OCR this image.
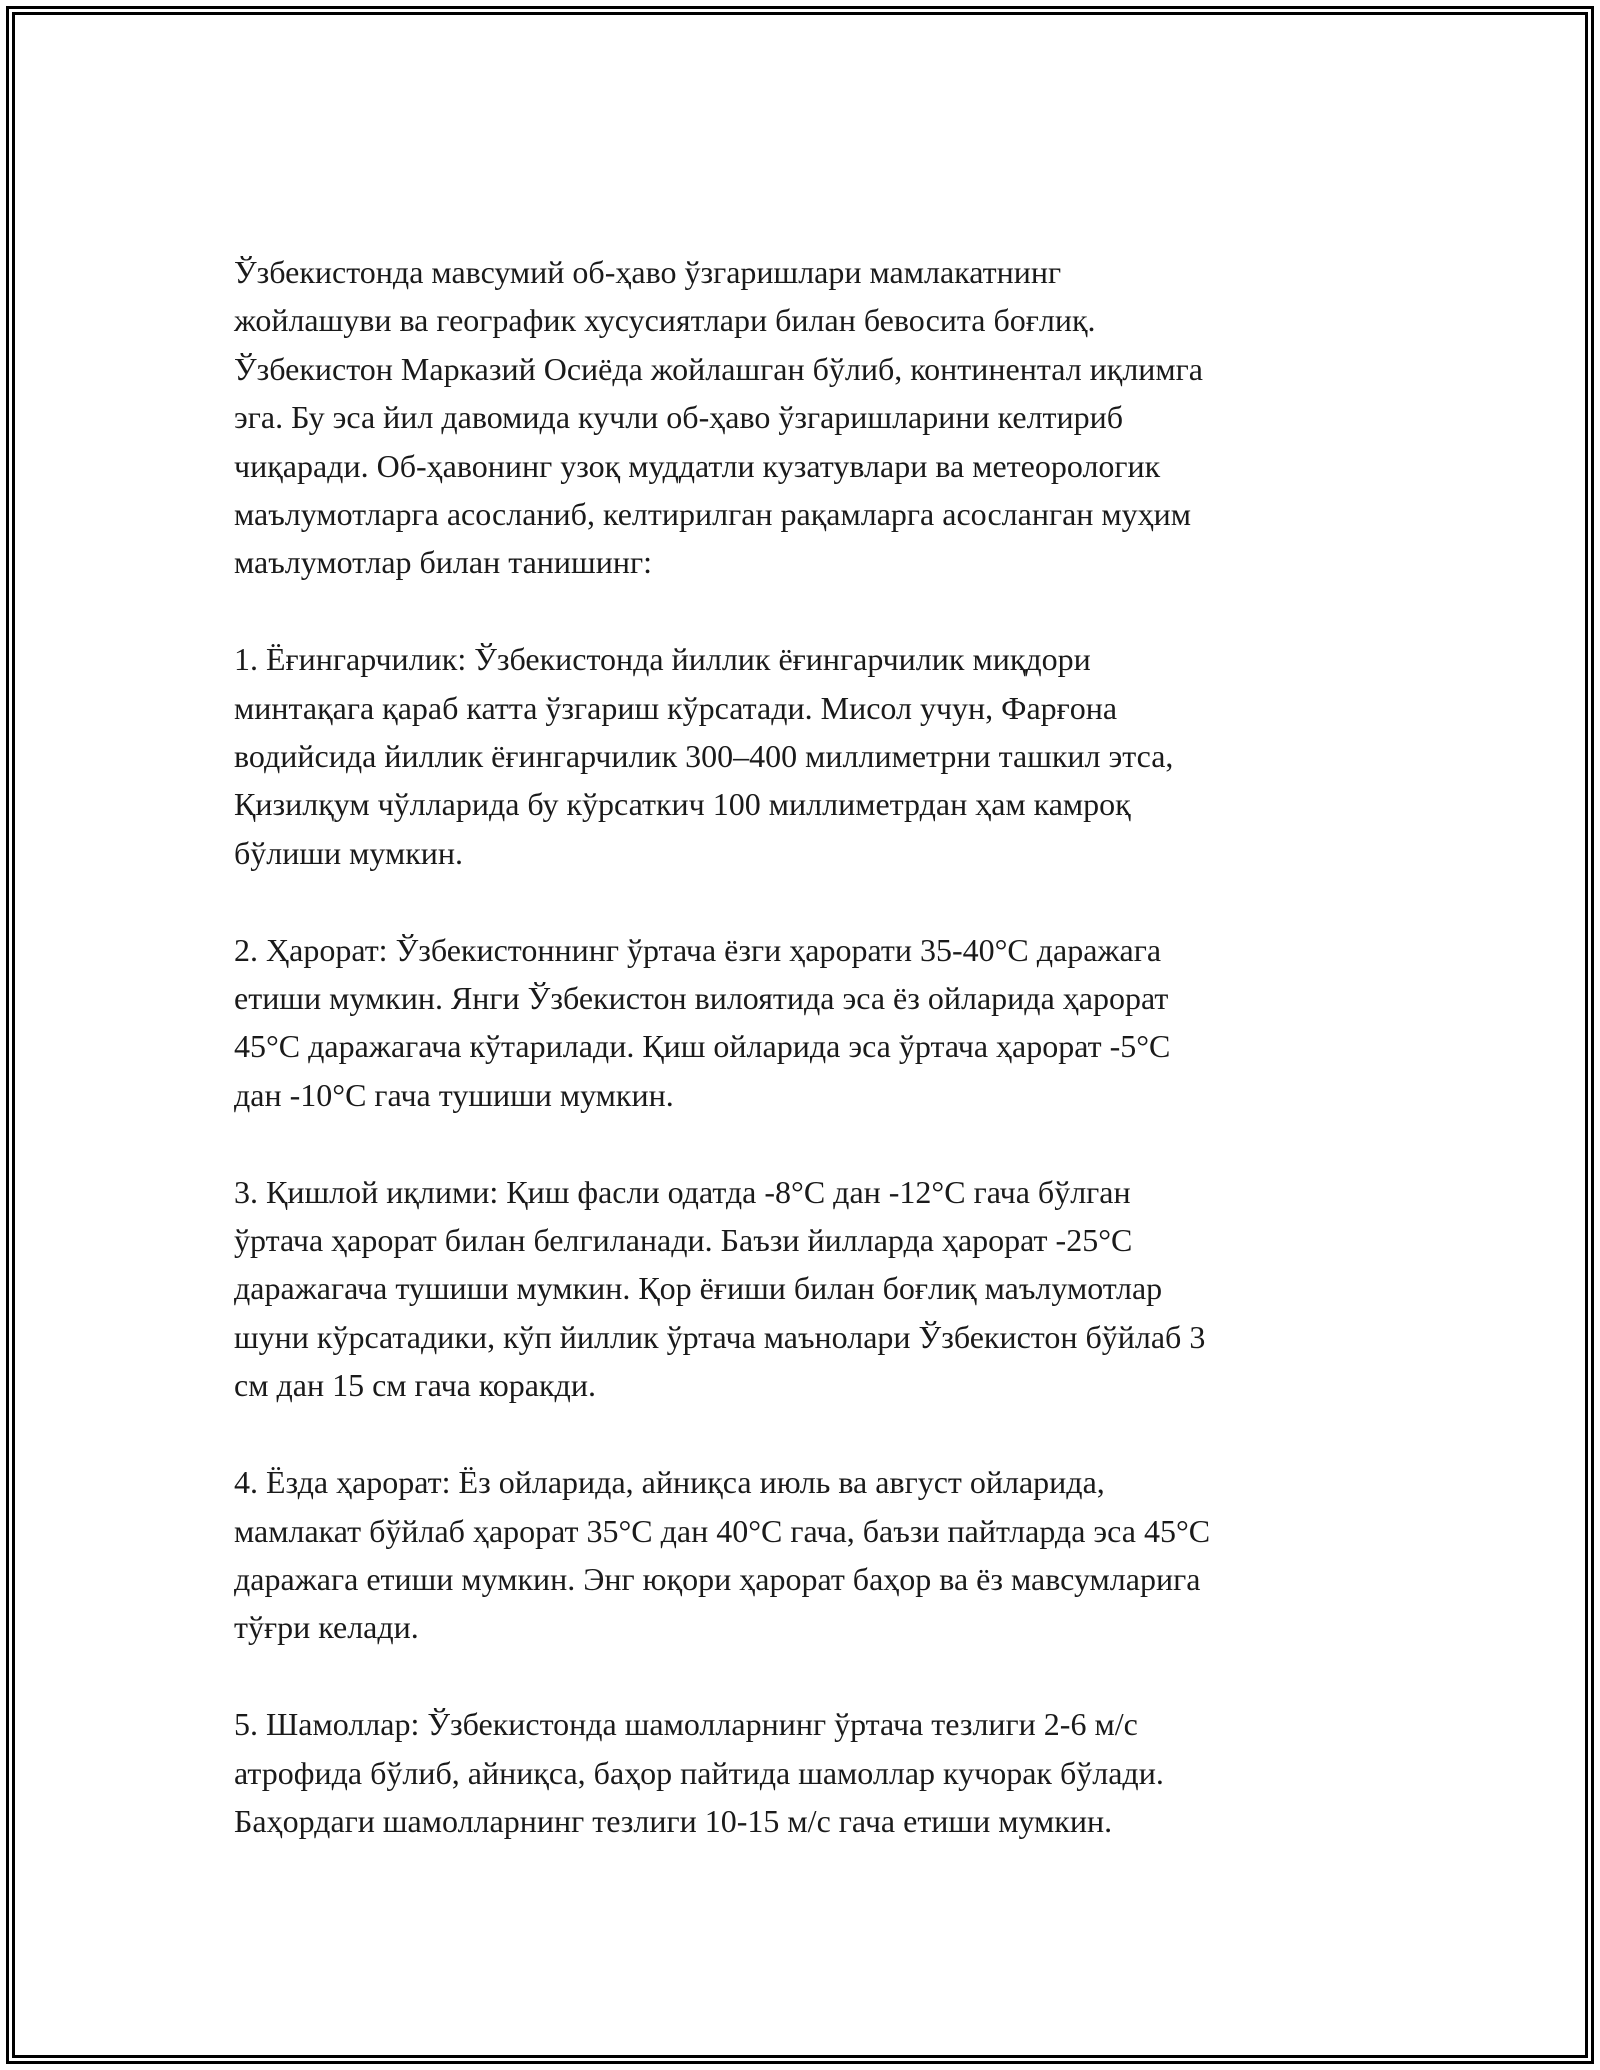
Ўзбекистонда мавсумий об-ҳаво ўзгаришлари мамлакатнинг
жойлашуви ва географик хусусиятлари билан бевосита боғлиқ.
Ўзбекистон Марказий Осиёда жойлашган бўлиб, континентал иқлимга
эга. Бу эса йил давомида кучли об-ҳаво ўзгаришларини келтириб
чиқаради. Об-ҳавонинг узоқ муддатли кузатувлари ва метеорологик
маълумотларга асосланиб, келтирилган рақамларга асосланган муҳим
маълумотлар билан танишинг:

1. Ёғингарчилик: Ўзбекистонда йиллик ёғингарчилик миқдори
минтақага қараб катта ўзгариш кўрсатади. Мисол учун, Фарғона
водийсида йиллик ёғингарчилик 300–400 миллиметрни ташкил этса,
Қизилқум чўлларида бу кўрсаткич 100 миллиметрдан ҳам камроқ
бўлиши мумкин.

2. Ҳарорат: Ўзбекистоннинг ўртача ёзги ҳарорати 35-40°C даражага
етиши мумкин. Янги Ўзбекистон вилоятида эса ёз ойларида ҳарорат
45°C даражагача кўтарилади. Қиш ойларида эса ўртача ҳарорат -5°C
дан -10°C гача тушиши мумкин.

3. Қишлой иқлими: Қиш фасли одатда -8°C дан -12°C гача бўлган
ўртача ҳарорат билан белгиланади. Баъзи йилларда ҳарорат -25°C
даражагача тушиши мумкин. Қор ёғиши билан боғлиқ маълумотлар
шуни кўрсатадики, кўп йиллик ўртача маънолари Ўзбекистон бўйлаб 3
см дан 15 см гача коракди.

4. Ёзда ҳарорат: Ёз ойларида, айниқса июль ва август ойларида,
мамлакат бўйлаб ҳарорат 35°C дан 40°C гача, баъзи пайтларда эса 45°C
даражага етиши мумкин. Энг юқори ҳарорат баҳор ва ёз мавсумларига
тўғри келади.

5. Шамоллар: Ўзбекистонда шамолларнинг ўртача тезлиги 2-6 м/с
атрофида бўлиб, айниқса, баҳор пайтида шамоллар кучорак бўлади.
Баҳордаги шамолларнинг тезлиги 10-15 м/с гача етиши мумкин.
